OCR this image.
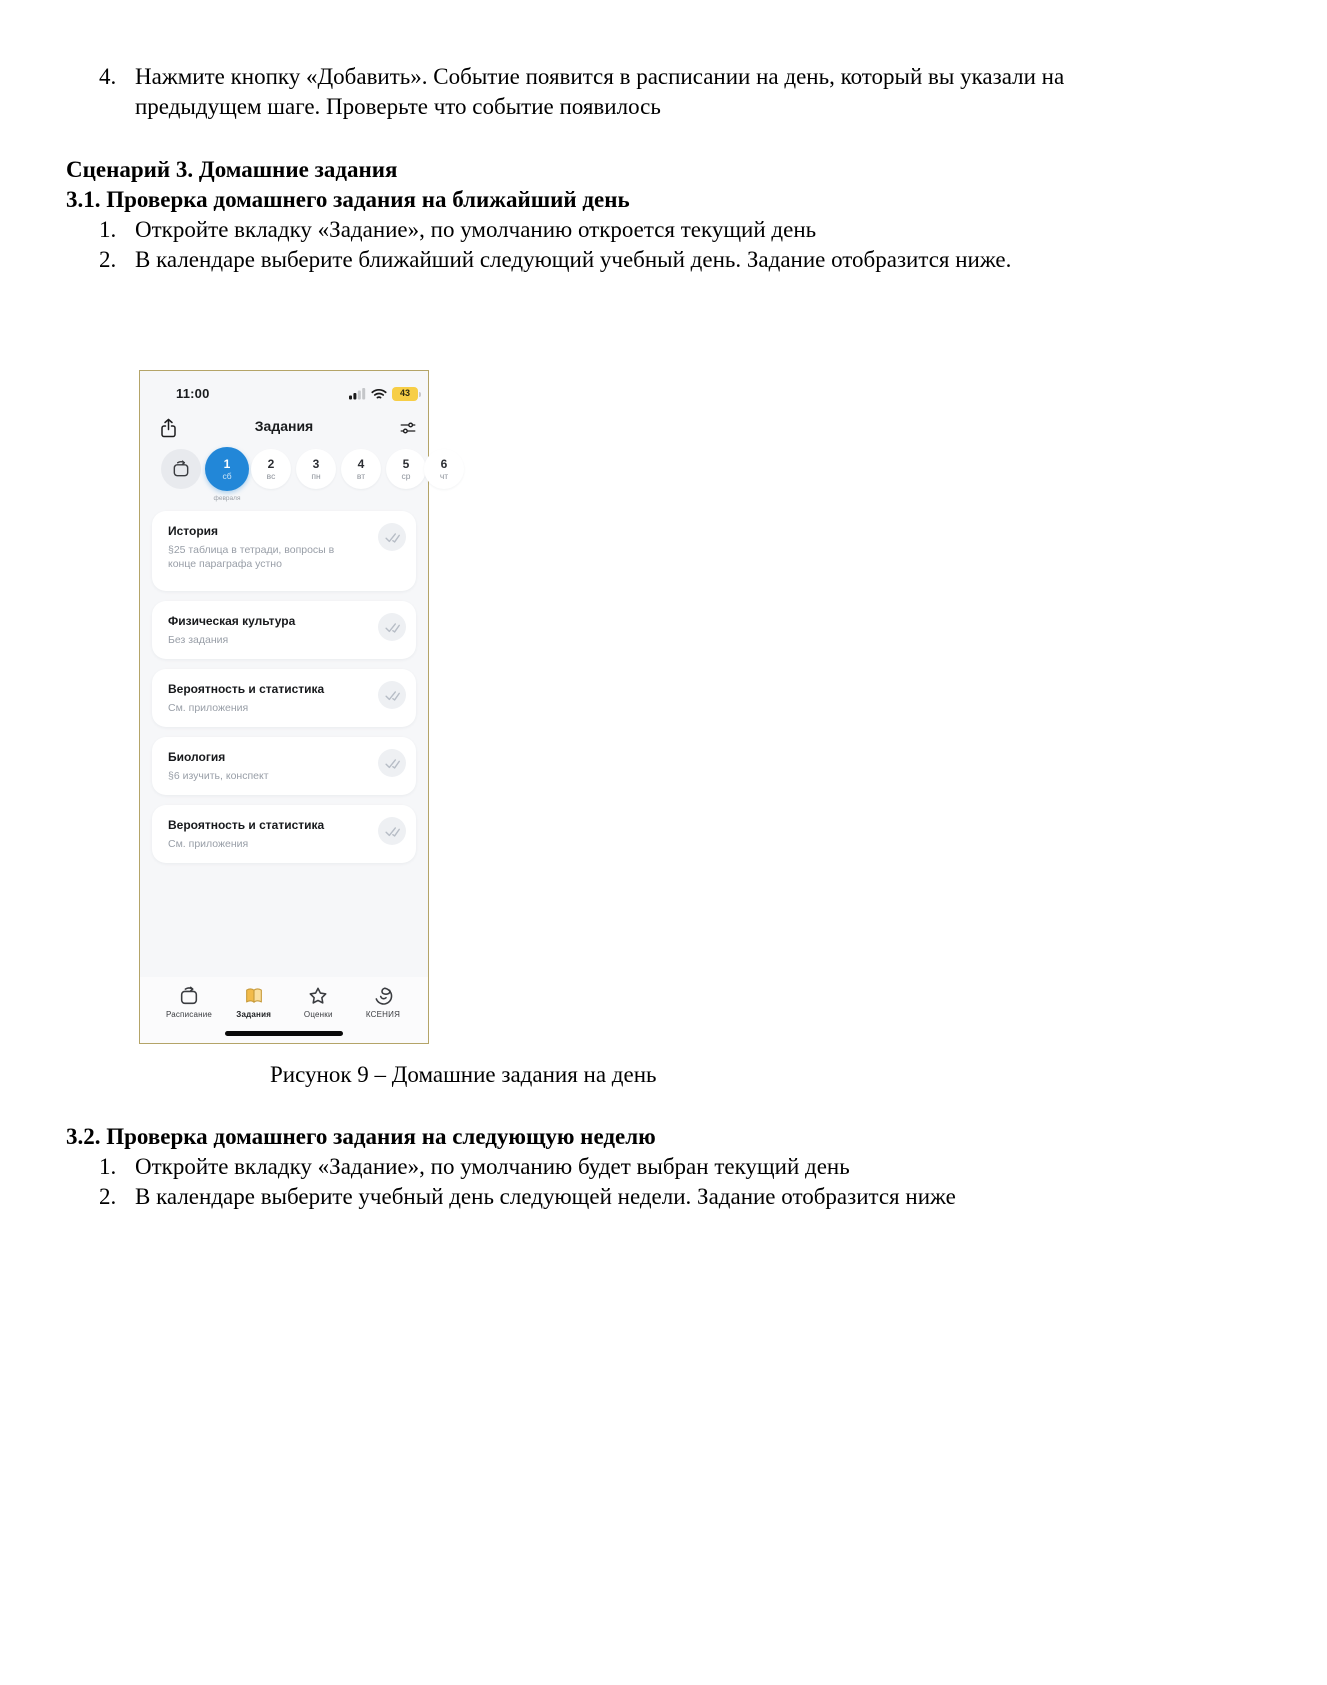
4. Нажмите кнопку «Добавить». Событие появится в расписании на день, который вы указали на предыдущем шаге. Проверьте что событие появилось
Сценарий 3. Домашние задания
3.1. Проверка домашнего задания на ближайший день
1. Откройте вкладку «Задание», по умолчанию откроется текущий день
2. В календаре выберите ближайший следующий учебный день. Задание отобразится ниже.
11:00	43
Задания
1
сб
февраля
2
вс
3
пн
4
вт
5
ср
6
чт
История
§25 таблица в тетради, вопросы в конце параграфа устно
Физическая культура
Без задания
Вероятность и статистика
См. приложения
Биология
§6 изучить, конспект
Вероятность и статистика
См. приложения
Расписание	Задания	Оценки	КСЕНИЯ
Рисунок 9 – Домашние задания на день
3.2. Проверка домашнего задания на следующую неделю
1. Откройте вкладку «Задание», по умолчанию будет выбран текущий день
2. В календаре выберите учебный день следующей недели. Задание отобразится ниже
